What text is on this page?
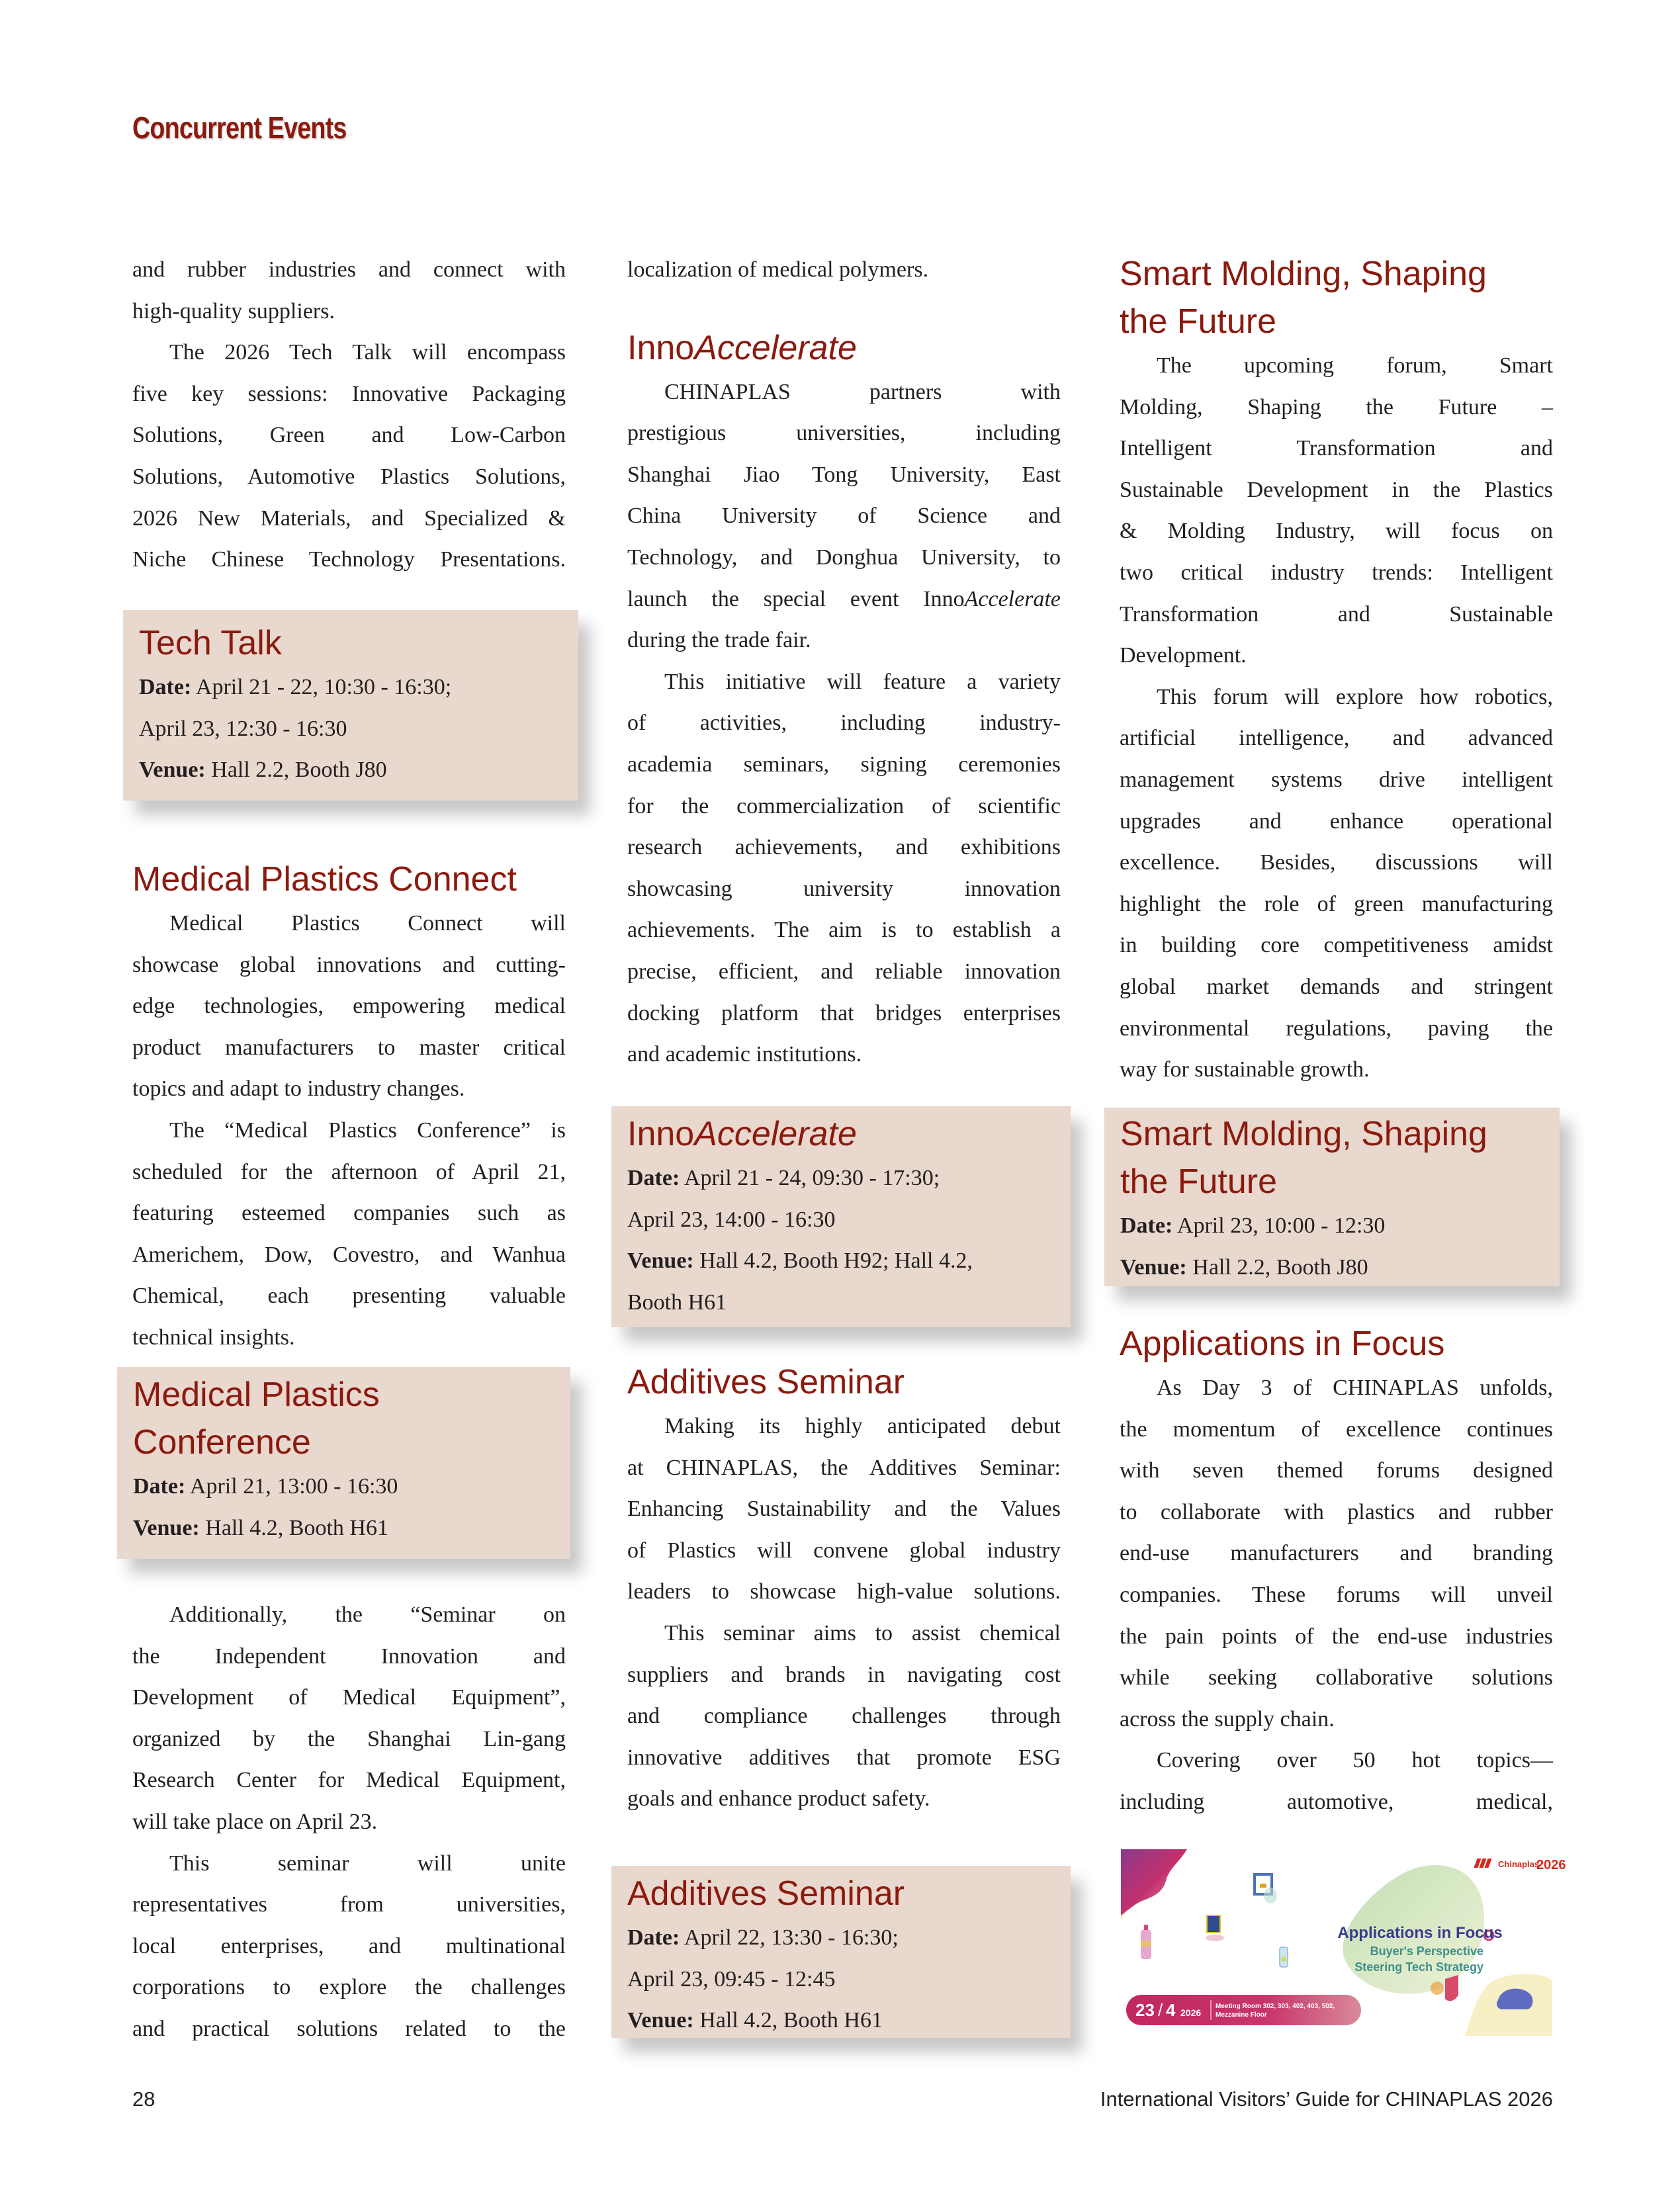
Concurrent Events
and rubber industries and connect with
high-quality suppliers.
The 2026 Tech Talk will encompass
five key sessions: Innovative Packaging
Solutions, Green and Low-Carbon
Solutions, Automotive Plastics Solutions,
2026 New Materials, and Specialized &
Niche Chinese Technology Presentations.
Tech Talk
Date: April 21 - 22, 10:30 - 16:30;
April 23, 12:30 - 16:30
Venue: Hall 2.2, Booth J80
Medical Plastics Connect
Medical Plastics Connect will
showcase global innovations and cutting-
edge technologies, empowering medical
product manufacturers to master critical
topics and adapt to industry changes.
The “Medical Plastics Conference” is
scheduled for the afternoon of April 21,
featuring esteemed companies such as
Americhem, Dow, Covestro, and Wanhua
Chemical, each presenting valuable
technical insights.
Medical Plastics
Conference
Date: April 21, 13:00 - 16:30
Venue: Hall 4.2, Booth H61
Additionally, the “Seminar on
the Independent Innovation and
Development of Medical Equipment”,
organized by the Shanghai Lin-gang
Research Center for Medical Equipment,
will take place on April 23.
This seminar will unite
representatives from universities,
local enterprises, and multinational
corporations to explore the challenges
and practical solutions related to the
localization of medical polymers.
InnoAccelerate
CHINAPLAS partners with
prestigious universities, including
Shanghai Jiao Tong University, East
China University of Science and
Technology, and Donghua University, to
launch the special event InnoAccelerate
during the trade fair.
This initiative will feature a variety
of activities, including industry-
academia seminars, signing ceremonies
for the commercialization of scientific
research achievements, and exhibitions
showcasing university innovation
achievements. The aim is to establish a
precise, efficient, and reliable innovation
docking platform that bridges enterprises
and academic institutions.
InnoAccelerate
Date: April 21 - 24, 09:30 - 17:30;
April 23, 14:00 - 16:30
Venue: Hall 4.2, Booth H92; Hall 4.2,
Booth H61
Additives Seminar
Making its highly anticipated debut
at CHINAPLAS, the Additives Seminar:
Enhancing Sustainability and the Values
of Plastics will convene global industry
leaders to showcase high-value solutions.
This seminar aims to assist chemical
suppliers and brands in navigating cost
and compliance challenges through
innovative additives that promote ESG
goals and enhance product safety.
Additives Seminar
Date: April 22, 13:30 - 16:30;
April 23, 09:45 - 12:45
Venue: Hall 4.2, Booth H61
Smart Molding, Shaping
the Future
The upcoming forum, Smart
Molding, Shaping the Future –
Intelligent Transformation and
Sustainable Development in the Plastics
& Molding Industry, will focus on
two critical industry trends: Intelligent
Transformation and Sustainable
Development.
This forum will explore how robotics,
artificial intelligence, and advanced
management systems drive intelligent
upgrades and enhance operational
excellence. Besides, discussions will
highlight the role of green manufacturing
in building core competitiveness amidst
global market demands and stringent
environmental regulations, paving the
way for sustainable growth.
Smart Molding, Shaping
the Future
Date: April 23, 10:00 - 12:30
Venue: Hall 2.2, Booth J80
Applications in Focus
As Day 3 of CHINAPLAS unfolds,
the momentum of excellence continues
with seven themed forums designed
to collaborate with plastics and rubber
end-use manufacturers and branding
companies. These forums will unveil
the pain points of the end-use industries
while seeking collaborative solutions
across the supply chain.
Covering over 50 hot topics—
including automotive, medical,
Chinaplas
2026
Applications in Focus
Buyer's Perspective
Steering Tech Strategy
23 / 4 2026
Meeting Room 302, 303, 402, 403, 502,
Mezzanine Floor
28	International Visitors’ Guide for CHINAPLAS 2026
